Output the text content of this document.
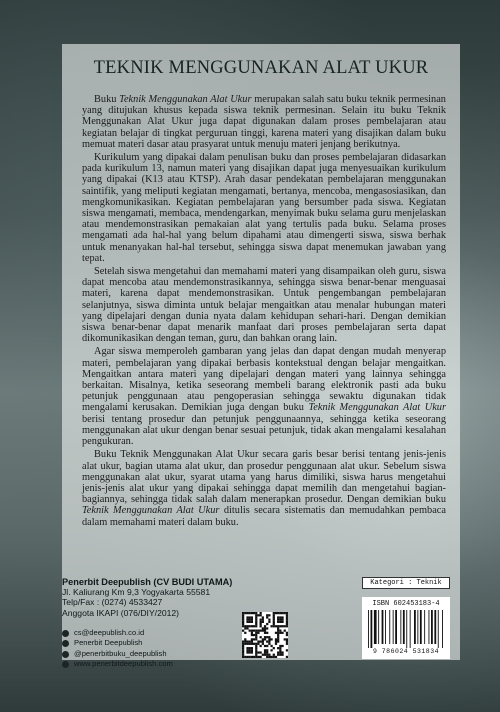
TEKNIK MENGGUNAKAN ALAT UKUR

Buku Teknik Menggunakan Alat Ukur merupakan salah satu buku teknik permesinan yang ditujukan khusus kepada siswa teknik permesinan. Selain itu buku Teknik Menggunakan Alat Ukur juga dapat digunakan dalam proses pembelajaran atau kegiatan belajar di tingkat perguruan tinggi, karena materi yang disajikan dalam buku memuat materi dasar atau prasyarat untuk menuju materi jenjang berikutnya.

Kurikulum yang dipakai dalam penulisan buku dan proses pembelajaran didasarkan pada kurikulum 13, namun materi yang disajikan dapat juga menyesuaikan kurikulum yang dipakai (K13 atau KTSP). Arah dasar pendekatan pembelajaran menggunakan saintifik, yang meliputi kegiatan mengamati, bertanya, mencoba, mengasosiasikan, dan mengkomunikasikan. Kegiatan pembelajaran yang bersumber pada siswa. Kegiatan siswa mengamati, membaca, mendengarkan, menyimak buku selama guru menjelaskan atau mendemonstrasikan pemakaian alat yang tertulis pada buku. Selama proses mengamati ada hal-hal yang belum dipahami atau dimengerti siswa, siswa berhak untuk menanyakan hal-hal tersebut, sehingga siswa dapat menemukan jawaban yang tepat.

Setelah siswa mengetahui dan memahami materi yang disampaikan oleh guru, siswa dapat mencoba atau mendemonstrasikannya, sehingga siswa benar-benar menguasai materi, karena dapat mendemonstrasikan. Untuk pengembangan pembelajaran selanjutnya, siswa diminta untuk belajar mengaitkan atau menalar hubungan materi yang dipelajari dengan dunia nyata dalam kehidupan sehari-hari. Dengan demikian siswa benar-benar dapat menarik manfaat dari proses pembelajaran serta dapat dikomunikasikan dengan teman, guru, dan bahkan orang lain.

Agar siswa memperoleh gambaran yang jelas dan dapat dengan mudah menyerap materi, pembelajaran yang dipakai berbasis kontekstual dengan belajar mengaitkan. Mengaitkan antara materi yang dipelajari dengan materi yang lainnya sehingga berkaitan. Misalnya, ketika seseorang membeli barang elektronik pasti ada buku petunjuk penggunaan atau pengoperasian sehingga sewaktu digunakan tidak mengalami kerusakan. Demikian juga dengan buku Teknik Menggunakan Alat Ukur berisi tentang prosedur dan petunjuk penggunaannya, sehingga ketika seseorang menggunakan alat ukur dengan benar sesuai petunjuk, tidak akan mengalami kesalahan pengukuran.

Buku Teknik Menggunakan Alat Ukur secara garis besar berisi tentang jenis-jenis alat ukur, bagian utama alat ukur, dan prosedur penggunaan alat ukur. Sebelum siswa menggunakan alat ukur, syarat utama yang harus dimiliki, siswa harus mengetahui jenis-jenis alat ukur yang dipakai sehingga dapat memilih dan mengetahui bagian-bagiannya, sehingga tidak salah dalam menerapkan prosedur. Dengan demikian buku Teknik Menggunakan Alat Ukur ditulis secara sistematis dan memudahkan pembaca dalam memahami materi dalam buku.

Penerbit Deepublish (CV BUDI UTAMA)
Jl. Kaliurang Km 9,3 Yogyakarta 55581
Telp/Fax : (0274) 4533427
Anggota IKAPI (076/DIY/2012)
cs@deepublish.co.id
Penerbit Deepublish
@penerbitbuku_deepublish
www.penerbitdeepublish.com
Kategori : Teknik
ISBN 602453183-4
9 786024 531834
